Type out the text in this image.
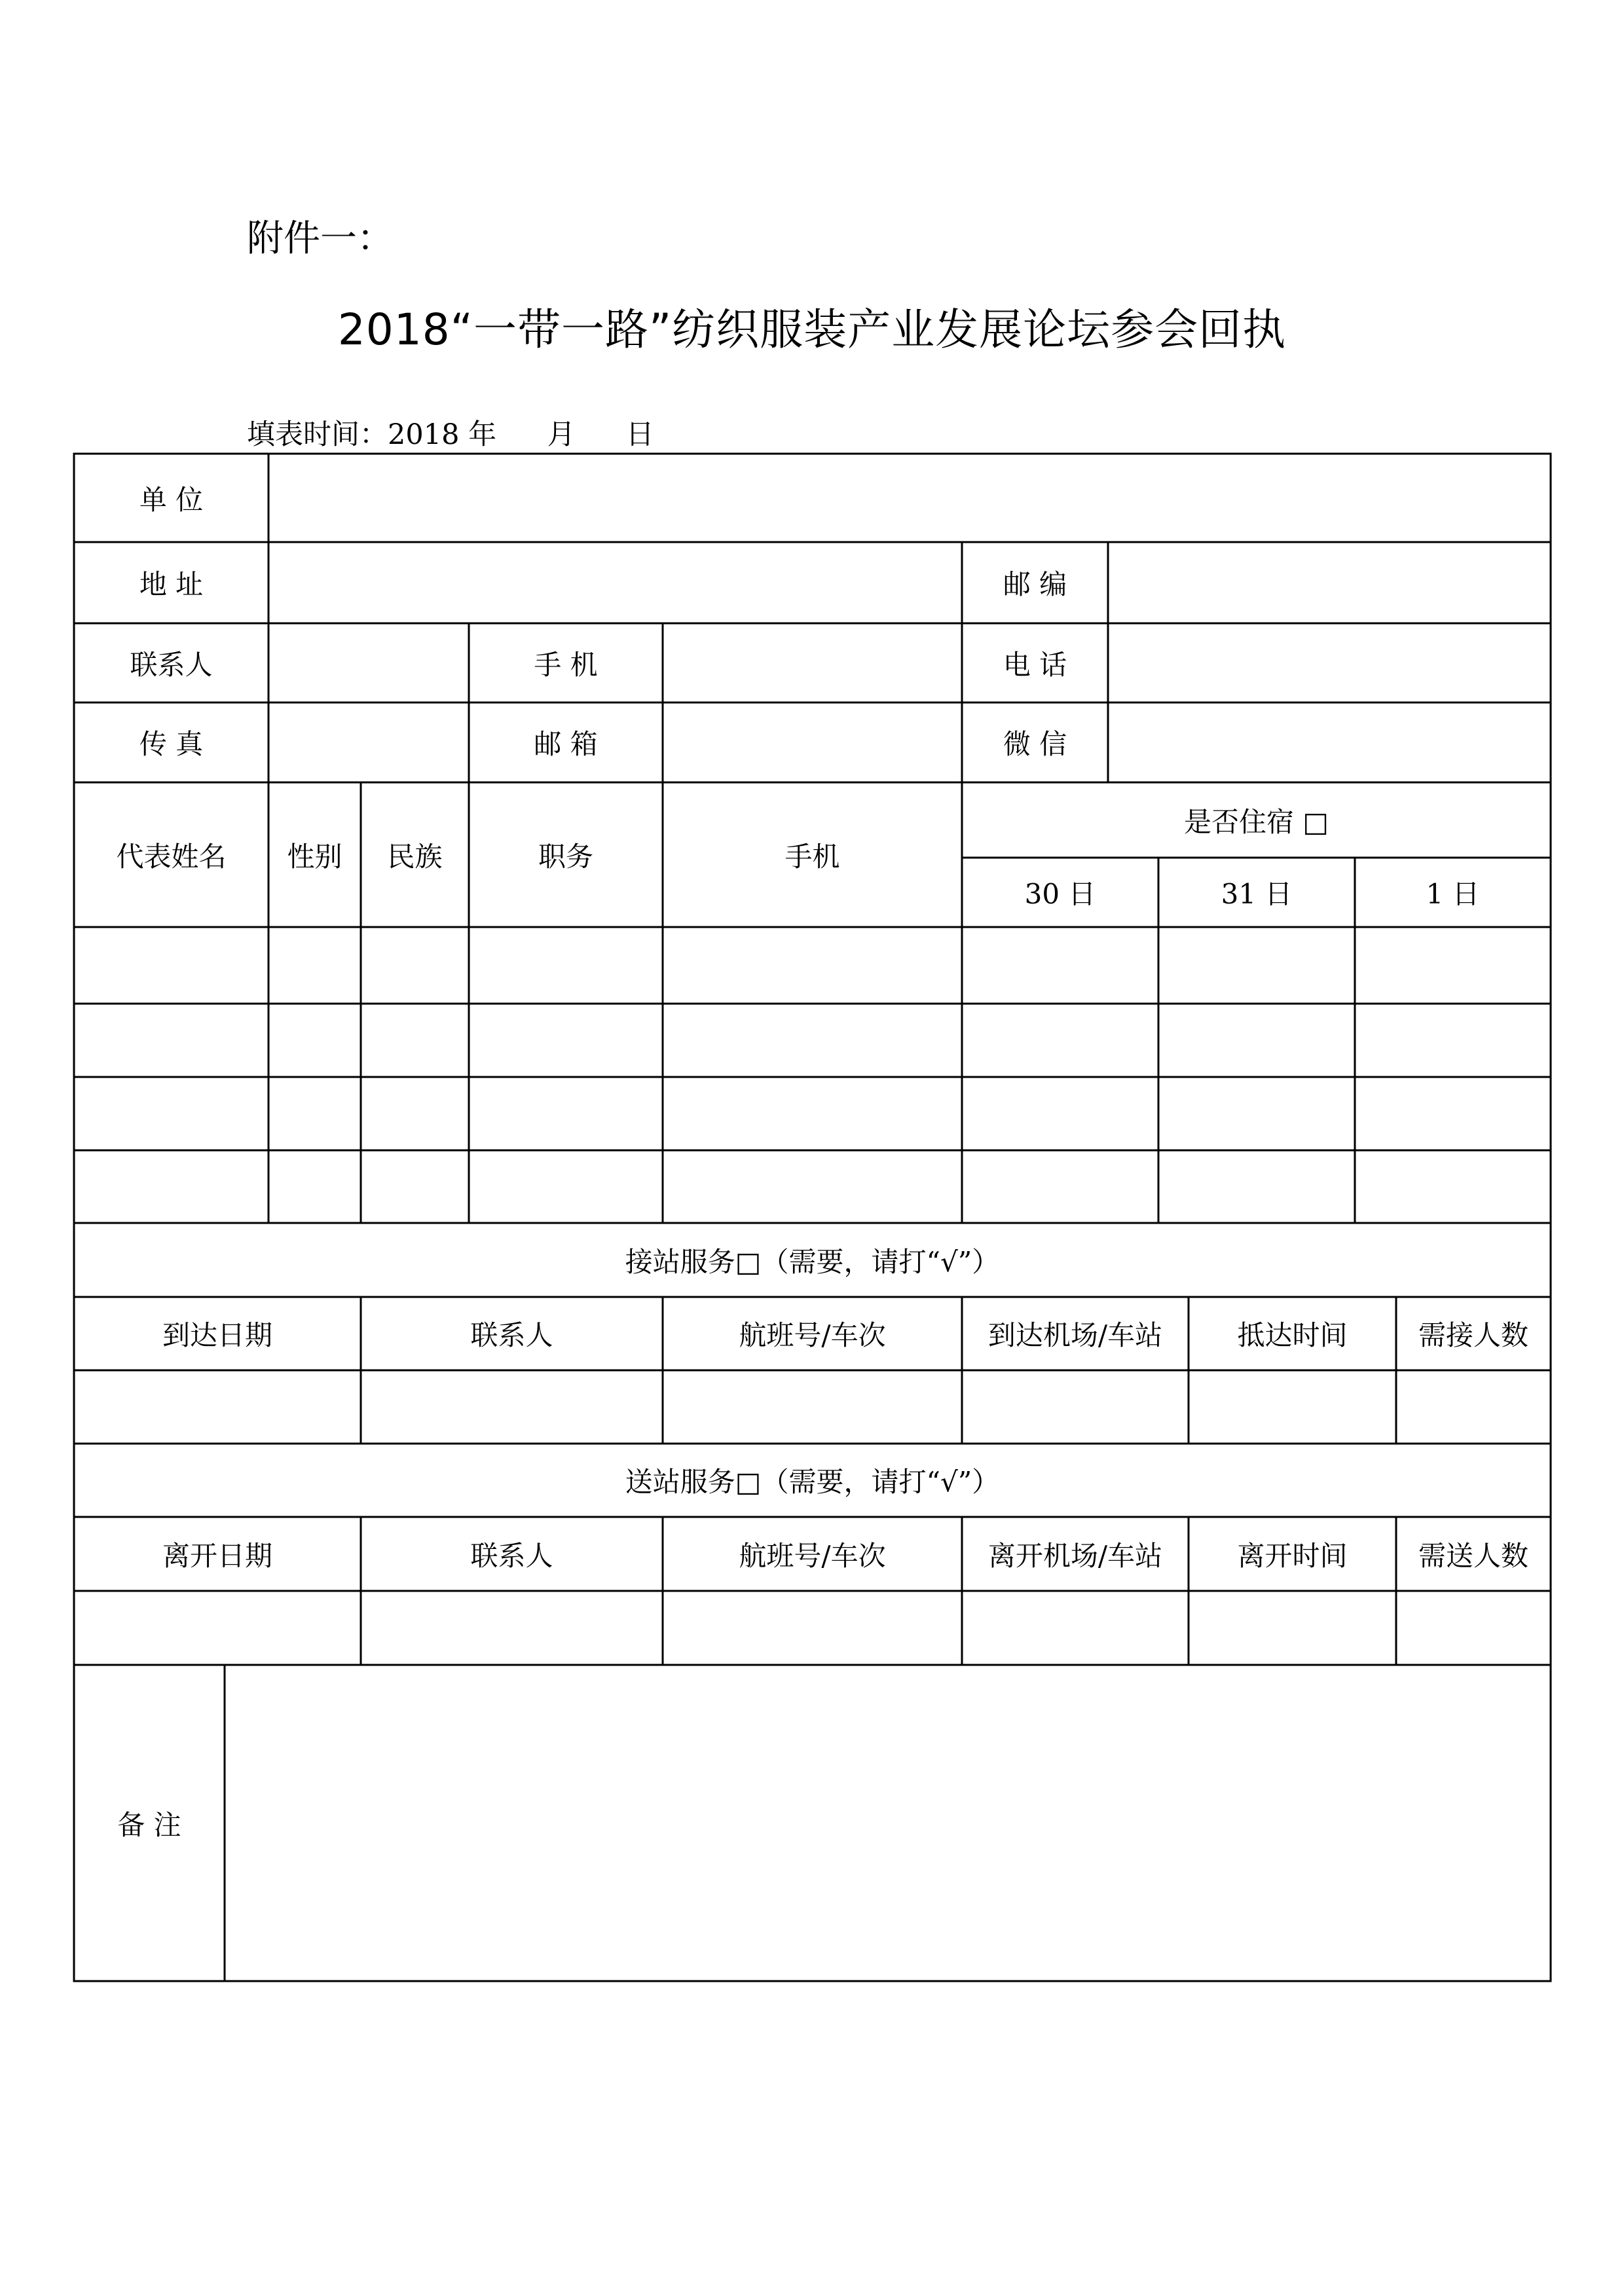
附件一：
2018“一带一路”纺织服装产业发展论坛参会回执
填表时间：2018 年 月 日
单 位
地 址	邮 编
联系人	手 机	电 话
传 真	邮 箱	微 信
代表姓名	性别	民族	职务	手机
是否住宿 □
30 日	31 日	1 日
接站服务□（需要，请打“√”）
到达日期	联系人	航班号/车次	到达机场/车站	抵达时间	需接人数
送站服务□（需要，请打“√”）
离开日期	联系人	航班号/车次	离开机场/车站	离开时间	需送人数
备 注
